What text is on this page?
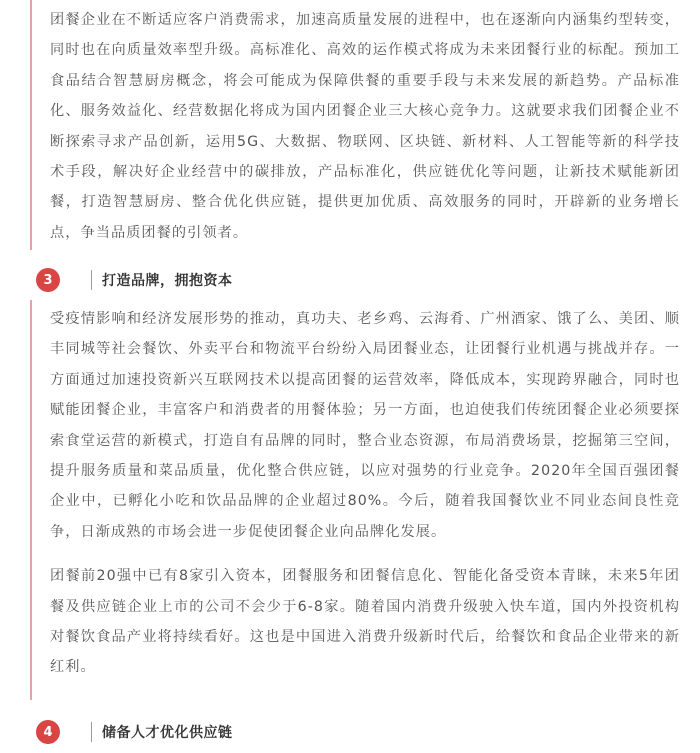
团餐企业在不断适应客户消费需求，加速高质量发展的进程中，也在逐渐向内涵集约型转变，同时也在向质量效率型升级。高标准化、高效的运作模式将成为未来团餐行业的标配。预加工食品结合智慧厨房概念，将会可能成为保障供餐的重要手段与未来发展的新趋势。产品标准化、服务效益化、经营数据化将成为国内团餐企业三大核心竞争力。这就要求我们团餐企业不断探索寻求产品创新，运用5G、大数据、物联网、区块链、新材料、人工智能等新的科学技术手段，解决好企业经营中的碳排放，产品标准化，供应链优化等问题，让新技术赋能新团餐，打造智慧厨房、整合优化供应链，提供更加优质、高效服务的同时，开辟新的业务增长点，争当品质团餐的引领者。

3	打造品牌，拥抱资本

受疫情影响和经济发展形势的推动，真功夫、老乡鸡、云海肴、广州酒家、饿了么、美团、顺丰同城等社会餐饮、外卖平台和物流平台纷纷入局团餐业态，让团餐行业机遇与挑战并存。一方面通过加速投资新兴互联网技术以提高团餐的运营效率，降低成本，实现跨界融合，同时也赋能团餐企业，丰富客户和消费者的用餐体验；另一方面，也迫使我们传统团餐企业必须要探索食堂运营的新模式，打造自有品牌的同时，整合业态资源，布局消费场景，挖掘第三空间，提升服务质量和菜品质量，优化整合供应链，以应对强势的行业竞争。2020年全国百强团餐企业中，已孵化小吃和饮品品牌的企业超过80%。今后，随着我国餐饮业不同业态间良性竞争，日渐成熟的市场会进一步促使团餐企业向品牌化发展。

团餐前20强中已有8家引入资本，团餐服务和团餐信息化、智能化备受资本青睐，未来5年团餐及供应链企业上市的公司不会少于6-8家。随着国内消费升级驶入快车道，国内外投资机构对餐饮食品产业将持续看好。这也是中国进入消费升级新时代后，给餐饮和食品企业带来的新红利。

4	储备人才优化供应链
